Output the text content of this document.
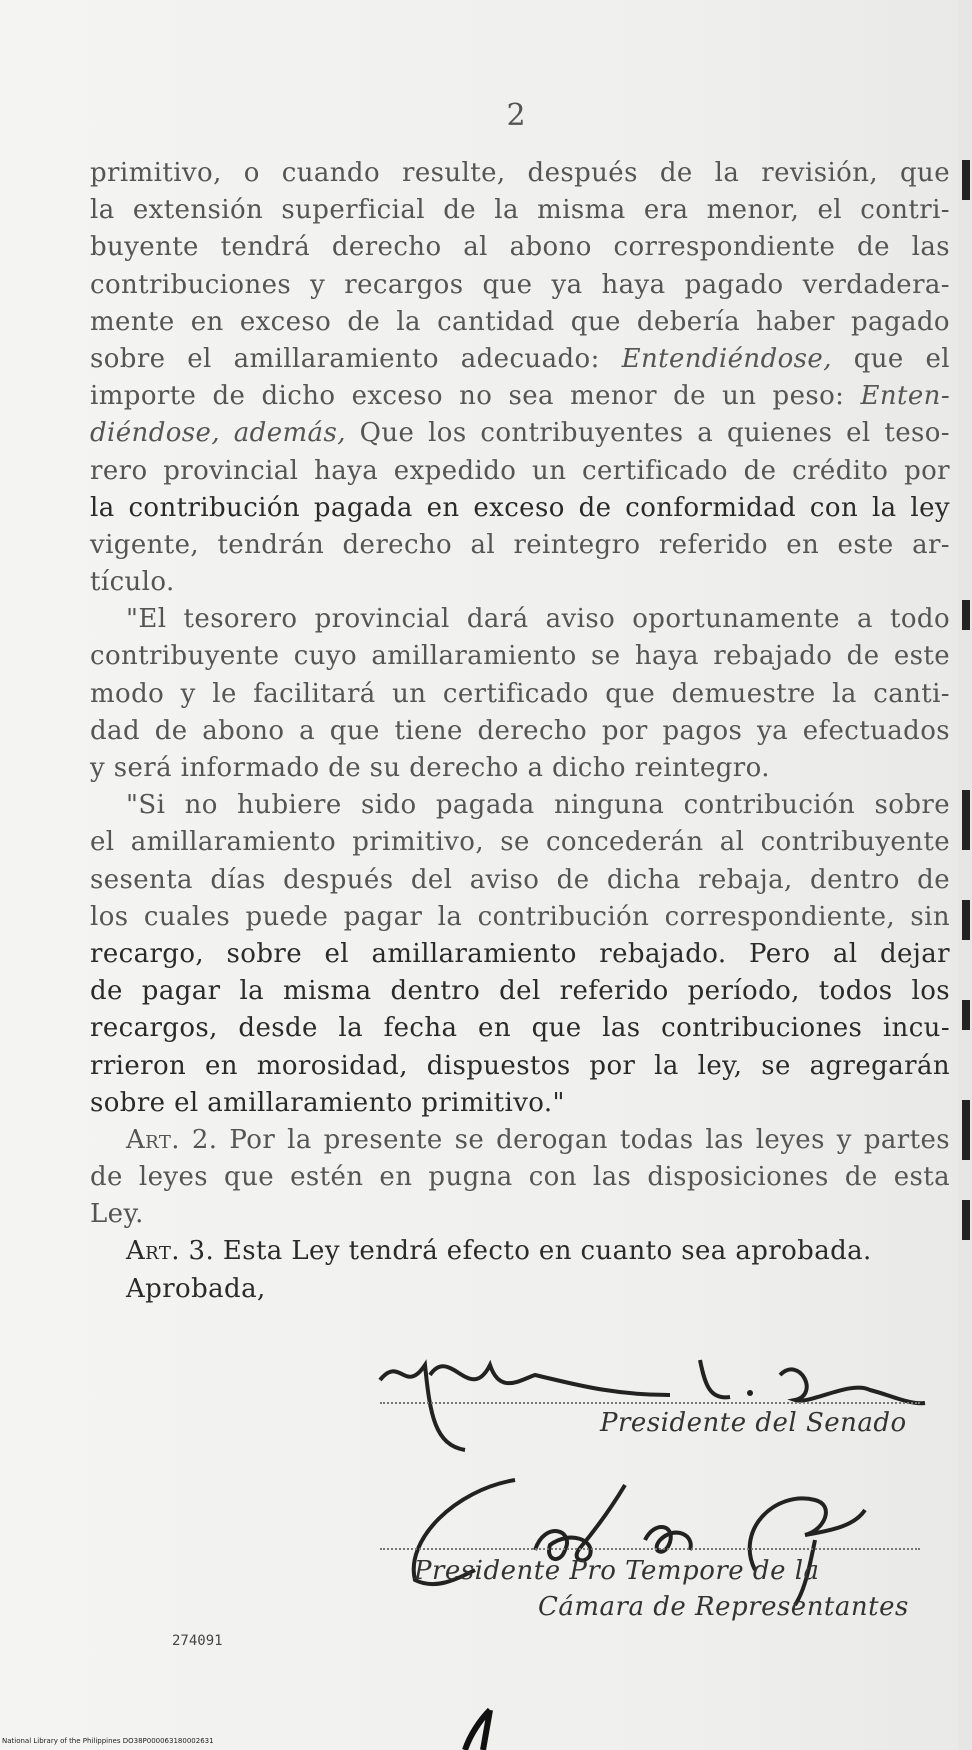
2
primitivo, o cuando resulte, después de la revisión, que
la extensión superficial de la misma era menor, el contri-
buyente tendrá derecho al abono correspondiente de las
contribuciones y recargos que ya haya pagado verdadera-
mente en exceso de la cantidad que debería haber pagado
sobre el amillaramiento adecuado: Entendiéndose, que el
importe de dicho exceso no sea menor de un peso: Enten-
diéndose, además, Que los contribuyentes a quienes el teso-
rero provincial haya expedido un certificado de crédito por
la contribución pagada en exceso de conformidad con la ley
vigente, tendrán derecho al reintegro referido en este ar-
tículo.
"El tesorero provincial dará aviso oportunamente a todo
contribuyente cuyo amillaramiento se haya rebajado de este
modo y le facilitará un certificado que demuestre la canti-
dad de abono a que tiene derecho por pagos ya efectuados
y será informado de su derecho a dicho reintegro.
"Si no hubiere sido pagada ninguna contribución sobre
el amillaramiento primitivo, se concederán al contribuyente
sesenta días después del aviso de dicha rebaja, dentro de
los cuales puede pagar la contribución correspondiente, sin
recargo, sobre el amillaramiento rebajado. Pero al dejar
de pagar la misma dentro del referido período, todos los
recargos, desde la fecha en que las contribuciones incu-
rrieron en morosidad, dispuestos por la ley, se agregarán
sobre el amillaramiento primitivo."
Art. 2. Por la presente se derogan todas las leyes y partes
de leyes que estén en pugna con las disposiciones de esta
Ley.
Art. 3. Esta Ley tendrá efecto en cuanto sea aprobada.
Aprobada,
Presidente del Senado
Presidente Pro Tempore de la
Cámara de Representantes
274091
National Library of the Philippines DO38P000063180002631
